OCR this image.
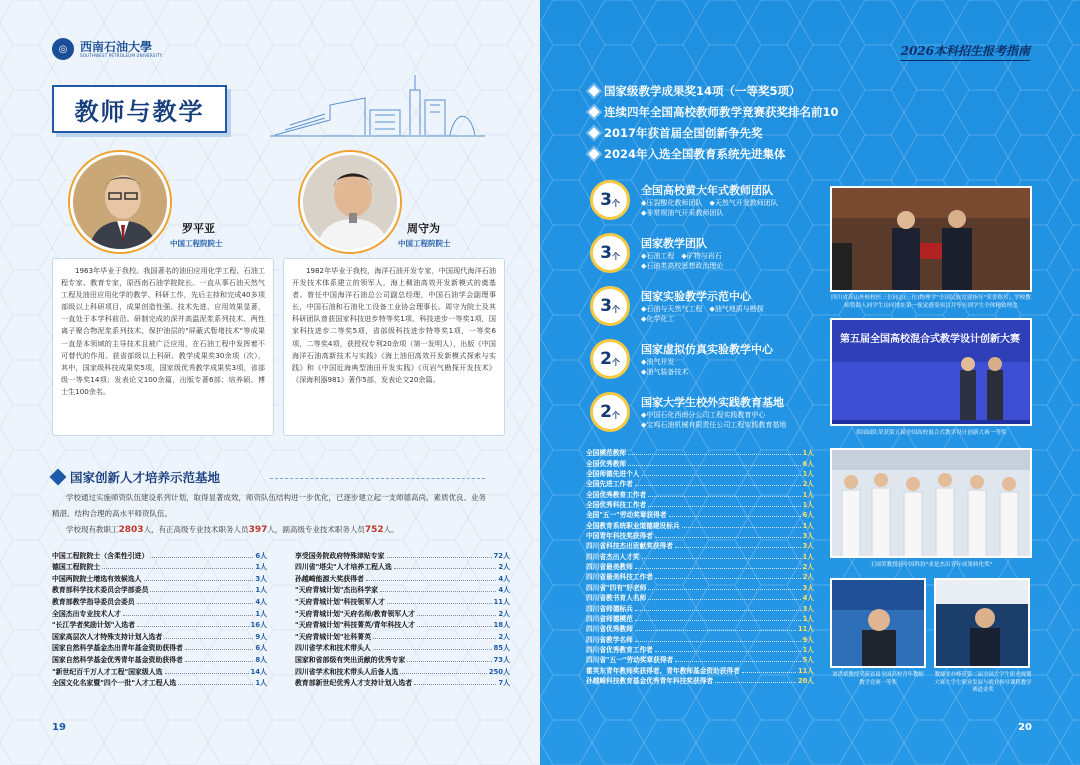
◎	西南石油大學
SOUTHWEST PETROLEUM UNIVERSITY
教师与教学
罗平亚
中国工程院院士
周守为
中国工程院院士

1963年毕业于我校。我国著名的油田应用化学工程、石油工程专家、教育专家，原西南石油学院院长。一直从事石油天然气工程及油田应用化学的教学、科研工作，先后主持和完成40多项部级以上科研项目，成果创造性强、技术先进、应用效果显著，一直处于本学科前沿。研制完成的深井高温泥浆系列技术、两性离子聚合物泥浆系列技术、保护油层的"屏蔽式暂堵技术"等成果一直是本领域的主导技术且被广泛应用，在石油工程中发挥着不可替代的作用。获省部级以上科研、教学成果奖30余项（次），其中，国家级科技成果奖5项，国家级优秀教学成果奖3项，省部级一等奖14项；发表论文100余篇，出版专著6部；培养硕、博士生100余名。

1982年毕业于我校，海洋石油开发专家，中国现代海洋石油开发技术体系建立的领军人，海上稠油高效开发新模式的奠基者。曾任中国海洋石油总公司副总经理，中国石油学会副理事长，中国石油和石油化工设备工业协会理事长。周守为院士及其科研团队曾获国家科技进步特等奖1项、科技进步一等奖1项，国家科技进步二等奖5项，省部级科技进步特等奖1项，一等奖6项，二等奖4项，获授权专利20余项（第一发明人），出版《中国海洋石油高新技术与实践》《海上油田高效开发新模式探索与实践》和《中国近海典型油田开发实践》《页岩气勘探开发技术》《深海利器981》著作5部，发表论文20余篇。

国家创新人才培养示范基地
学校通过实施师资队伍建设系列计划，取得显著成效，师资队伍结构进一步优化，已逐步建立起一支师德高尚、素质优良、业务精湛、结构合理的高水平师资队伍。
学校现有教职工2803人，有正高级专业技术职务人员397人，副高级专业技术职务人员752人。
中国工程院院士（含柔性引进）	6人
德国工程院院士	1人
中国两院院士增选有效候选人	3人
教育部科学技术委员会学部委员	1人
教育部教学指导委员会委员	4人
全国杰出专业技术人才	1人
"长江学者奖励计划"入选者	16人
国家高层次人才特殊支持计划入选者	9人
国家自然科学基金杰出青年基金资助获得者	6人
国家自然科学基金优秀青年基金资助获得者	8人
"新世纪百千万人才工程"国家级人选	14人
全国文化名家暨"四个一批"人才工程人选	1人
享受国务院政府特殊津贴专家	72人
四川省"塔尖"人才培养工程人选	2人
孙越崎能源大奖获得者	4人
"天府青城计划"杰出科学家	4人
"天府青城计划"科技领军人才	11人
"天府青城计划"天府名师/教育领军人才	2人
"天府青城计划"科技菁英/青年科技人才	18人
"天府青城计划"社科菁英	2人
四川省学术和技术带头人	85人
国家和省部级有突出贡献的优秀专家	73人
四川省学术和技术带头人后备人选	250人
教育部新世纪优秀人才支持计划入选者	7人
19
2026本科招生报考指南
国家级教学成果奖14项（一等奖5项）
连续四年全国高校教师教学竞赛获奖排名前10
2017年获首届全国创新争先奖
2024年入选全国教育系统先进集体
3 个
全国高校黄大年式教师团队
◆压裂酸化教师团队　◆天然气开发教师团队
◆非常规油气开采教师团队
3 个
国家教学团队
◆石油工程　◆矿物与岩石
◆石油类高校思想政治理论
3 个
国家实验教学示范中心
◆石油与天然气工程　◆油气地质与勘探
◆化学化工
2 个
国家虚拟仿真实验教学中心
◆油气开发
◆油气装备技术
2 个
国家大学生校外实践教育基地
◆中国石化西南分公司工程实践教育中心
◆宝鸡石油机械有限责任公司工程实践教育基地
四川省苏山外校校医三位同志(三位)物理学"全国民族党建指导"荣誉称号，学校教师赞助人同学生访问地址第一视觉感受项目并等应到学生全体精致理念
第五届全国高校混合式教学设计创新大赛
邓园园队荣获第五届全国高校混合式教学设计创新大赛一等奖
王国荣教授获中国科协"求是杰出青年成果转化奖"
刘洪斌教授荣获首届全国高校青年教师教学竞赛一等奖
教师张亦峰获第二届全国大学生职业规划大赛大学生职业发展与就业指导课程教学赛道金奖
全国模范教师	1人
全国优秀教师	6人
全国师德先进个人	1人
全国先进工作者	2人
全国优秀教育工作者	1人
全国优秀科技工作者	1人
全国"五一"劳动奖章获得者	6人
全国教育系统职业道德建设标兵	1人
中国青年科技奖获得者	3人
四川省科技杰出贡献奖获得者	3人
四川省杰出人才奖	1人
四川省最美教师	2人
四川省最美科技工作者	2人
四川省"四有"好老师	3人
四川省教书育人名师	4人
四川省师德标兵	3人
四川省师德模范	1人
四川省优秀教师	11人
四川省教学名师	9人
四川省优秀教育工作者	1人
四川省"五一"劳动奖章获得者	5人
霍英东青年教师奖获得者、青年教师基金资助获得者	11人
孙越崎科技教育基金优秀青年科技奖获得者	20人
20
